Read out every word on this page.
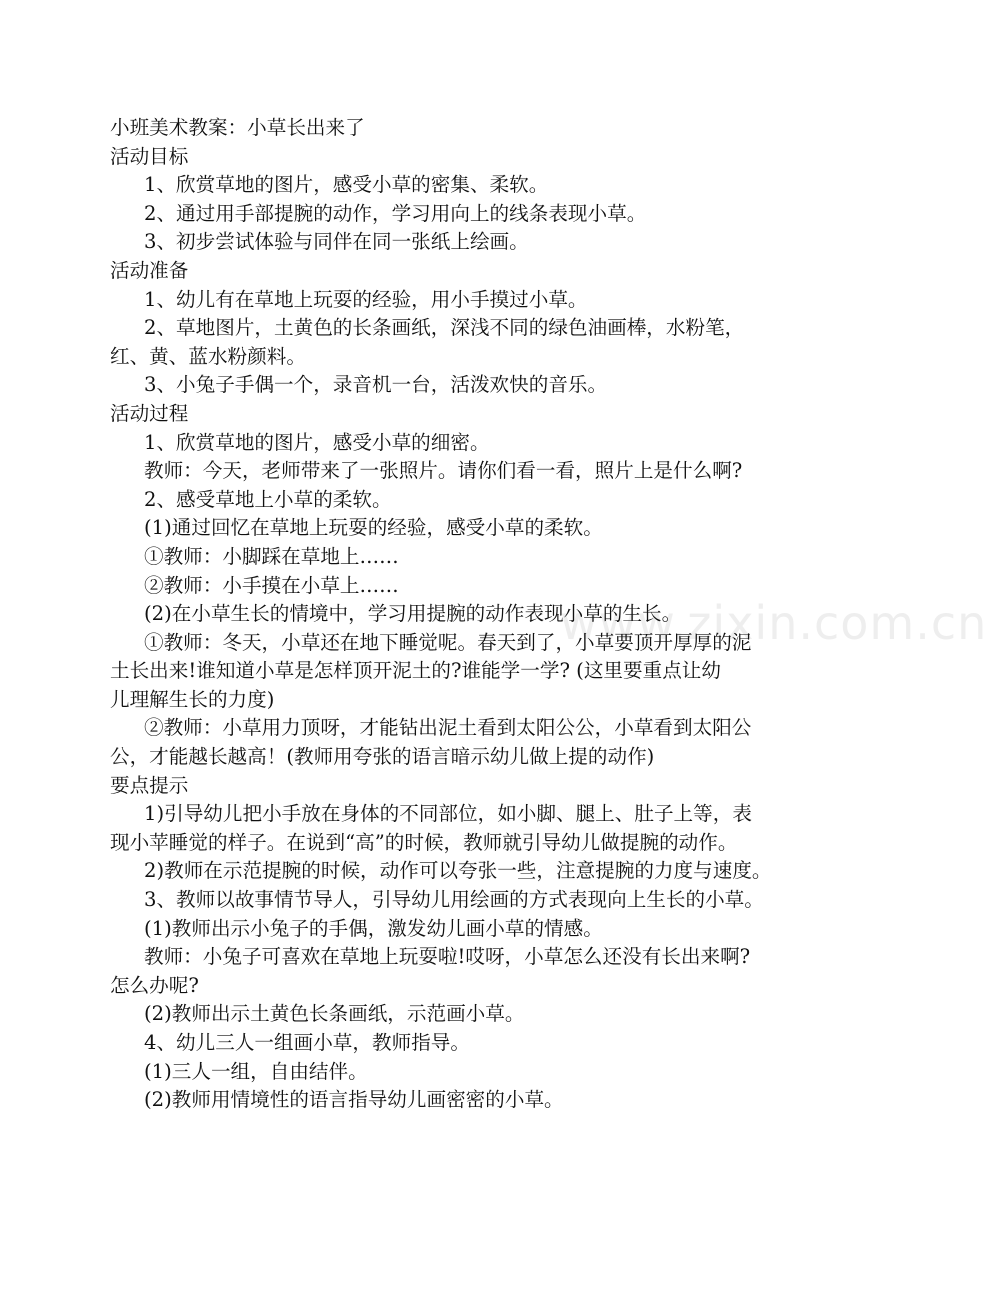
www.zixin.com.cn
小班美术教案：小草长出来了
活动目标
1、欣赏草地的图片，感受小草的密集、柔软。
2、通过用手部提腕的动作，学习用向上的线条表现小草。
3、初步尝试体验与同伴在同一张纸上绘画。
活动准备
1、幼儿有在草地上玩耍的经验，用小手摸过小草。
2、草地图片，土黄色的长条画纸，深浅不同的绿色油画棒，水粉笔，
红、黄、蓝水粉颜料。
3、小兔子手偶一个，录音机一台，活泼欢快的音乐。
活动过程
1、欣赏草地的图片，感受小草的细密。
教师：今天，老师带来了一张照片。请你们看一看，照片上是什么啊?
2、感受草地上小草的柔软。
(1)通过回忆在草地上玩耍的经验，感受小草的柔软。
①教师：小脚踩在草地上……
②教师：小手摸在小草上……
(2)在小草生长的情境中，学习用提腕的动作表现小草的生长。
①教师：冬天，小草还在地下睡觉呢。春天到了，小草要顶开厚厚的泥
土长出来!谁知道小草是怎样顶开泥土的?谁能学一学? (这里要重点让幼
儿理解生长的力度)
②教师：小草用力顶呀，才能钻出泥土看到太阳公公，小草看到太阳公
公，才能越长越高！(教师用夸张的语言暗示幼儿做上提的动作)
要点提示
1)引导幼儿把小手放在身体的不同部位，如小脚、腿上、肚子上等，表
现小苹睡觉的样子。在说到“高”的时候，教师就引导幼儿做提腕的动作。
2)教师在示范提腕的时候，动作可以夸张一些，注意提腕的力度与速度。
3、教师以故事情节导人，引导幼儿用绘画的方式表现向上生长的小草。
(1)教师出示小兔子的手偶，激发幼儿画小草的情感。
教师：小兔子可喜欢在草地上玩耍啦!哎呀，小草怎么还没有长出来啊?
怎么办呢?
(2)教师出示土黄色长条画纸，示范画小草。
4、幼儿三人一组画小草，教师指导。
(1)三人一组，自由结伴。
(2)教师用情境性的语言指导幼儿画密密的小草。
